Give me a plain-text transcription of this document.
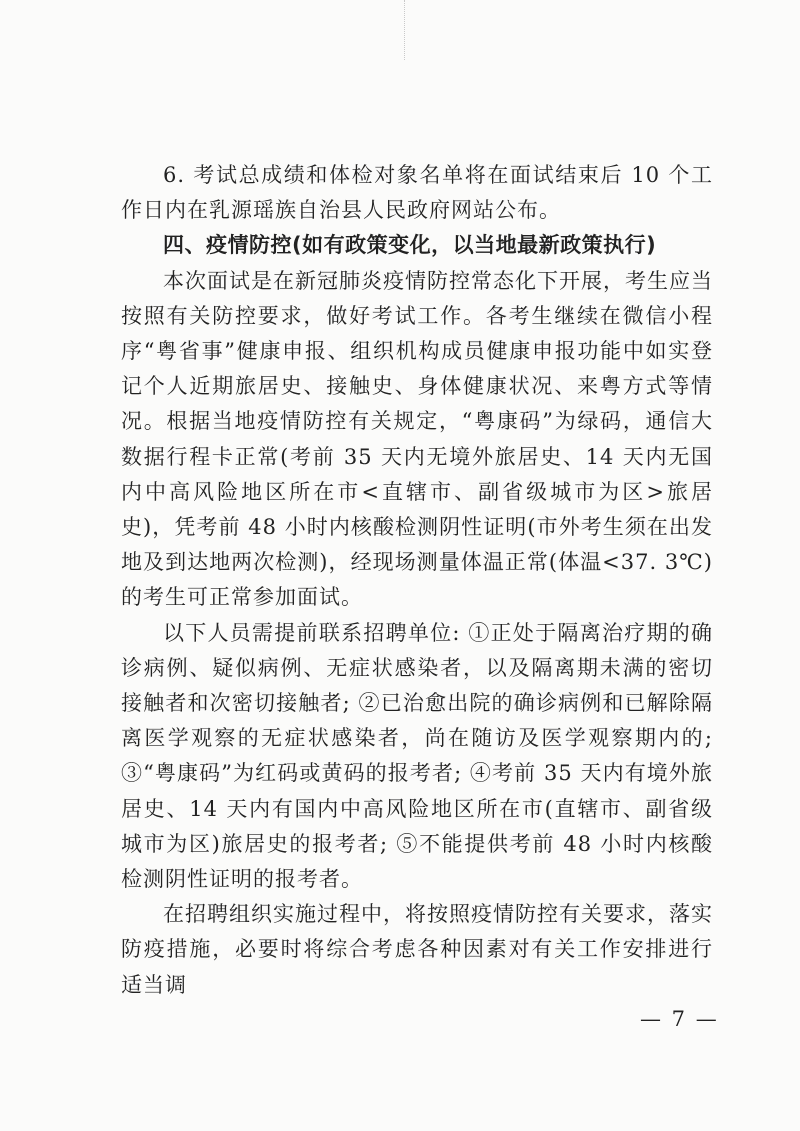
6. 考试总成绩和体检对象名单将在面试结束后 10 个工作日内在乳源瑶族自治县人民政府网站公布。

四、疫情防控(如有政策变化，以当地最新政策执行)

本次面试是在新冠肺炎疫情防控常态化下开展，考生应当按照有关防控要求，做好考试工作。各考生继续在微信小程序“粤省事”健康申报、组织机构成员健康申报功能中如实登记个人近期旅居史、接触史、身体健康状况、来粤方式等情况。根据当地疫情防控有关规定，“粤康码”为绿码，通信大数据行程卡正常(考前 35 天内无境外旅居史、14 天内无国内中高风险地区所在市<直辖市、副省级城市为区>旅居史)，凭考前 48 小时内核酸检测阴性证明(市外考生须在出发地及到达地两次检测)，经现场测量体温正常(体温<37. 3℃)的考生可正常参加面试。

以下人员需提前联系招聘单位: ①正处于隔离治疗期的确诊病例、疑似病例、无症状感染者，以及隔离期未满的密切接触者和次密切接触者; ②已治愈出院的确诊病例和已解除隔离医学观察的无症状感染者，尚在随访及医学观察期内的; ③“粤康码”为红码或黄码的报考者; ④考前 35 天内有境外旅居史、14 天内有国内中高风险地区所在市(直辖市、副省级城市为区)旅居史的报考者; ⑤不能提供考前 48 小时内核酸检测阴性证明的报考者。

在招聘组织实施过程中，将按照疫情防控有关要求，落实防疫措施，必要时将综合考虑各种因素对有关工作安排进行适当调

— 7 —
